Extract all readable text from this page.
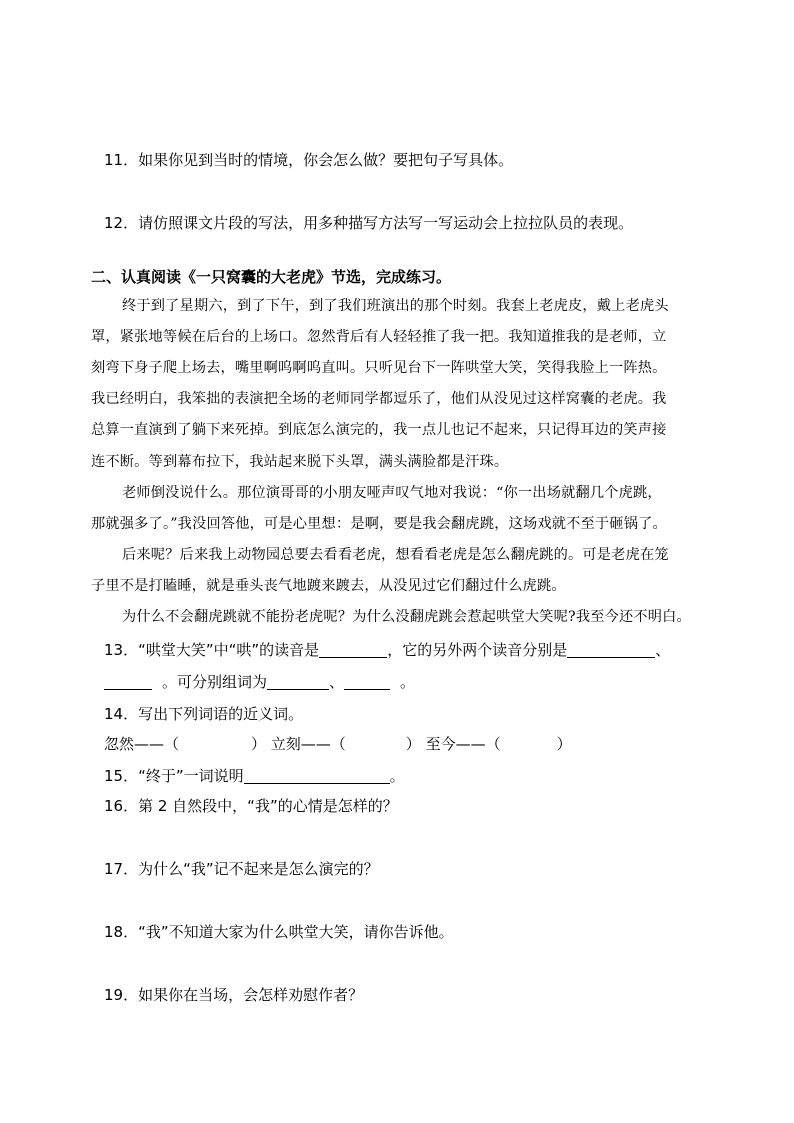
11．如果你见到当时的情境，你会怎么做？要把句子写具体。
12．请仿照课文片段的写法，用多种描写方法写一写运动会上拉拉队员的表现。
二、认真阅读《一只窝囊的大老虎》节选，完成练习。
终于到了星期六，到了下午，到了我们班演出的那个时刻。我套上老虎皮，戴上老虎头
罩，紧张地等候在后台的上场口。忽然背后有人轻轻推了我一把。我知道推我的是老师，立
刻弯下身子爬上场去，嘴里啊呜啊呜直叫。只听见台下一阵哄堂大笑，笑得我脸上一阵热。
我已经明白，我笨拙的表演把全场的老师同学都逗乐了，他们从没见过这样窝囊的老虎。我
总算一直演到了躺下来死掉。到底怎么演完的，我一点儿也记不起来，只记得耳边的笑声接
连不断。等到幕布拉下，我站起来脱下头罩，满头满脸都是汗珠。
老师倒没说什么。那位演哥哥的小朋友哑声叹气地对我说：“你一出场就翻几个虎跳，
那就强多了。”我没回答他，可是心里想：是啊，要是我会翻虎跳，这场戏就不至于砸锅了。
后来呢？后来我上动物园总要去看看老虎，想看看老虎是怎么翻虎跳的。可是老虎在笼
子里不是打瞌睡，就是垂头丧气地踱来踱去，从没见过它们翻过什么虎跳。
为什么不会翻虎跳就不能扮老虎呢？为什么没翻虎跳会惹起哄堂大笑呢?我至今还不明白。
13．“哄堂大笑”中“哄”的读音是	，它的另外两个读音分别是	、
。可分别组词为	、	。
14．写出下列词语的近义词。
忽然——（	） 立刻——（	） 至今——（	）
15．“终于”一词说明	。
16．第 2 自然段中，“我”的心情是怎样的？
17．为什么“我”记不起来是怎么演完的？
18．“我”不知道大家为什么哄堂大笑，请你告诉他。
19．如果你在当场，会怎样劝慰作者？
